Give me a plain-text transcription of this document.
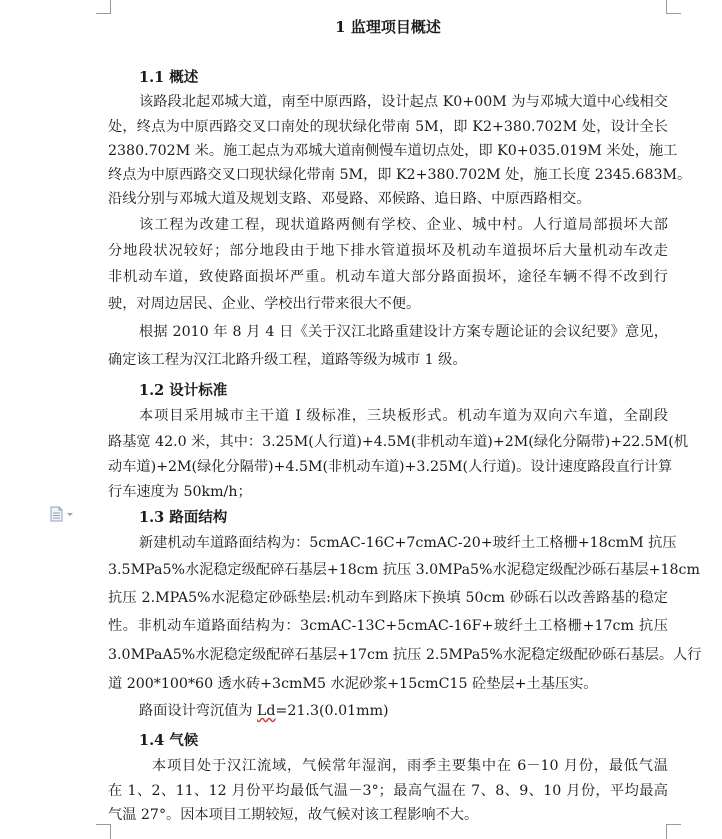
1 监理项目概述
1.1 概述
该路段北起邓城大道，南至中原西路，设计起点 K0+00M 为与邓城大道中心线相交
处，终点为中原西路交叉口南处的现状绿化带南 5M，即 K2+380.702M 处，设计全长
2380.702M 米。施工起点为邓城大道南侧慢车道切点处，即 K0+035.019M 米处，施工
终点为中原西路交叉口现状绿化带南 5M，即 K2+380.702M 处，施工长度 2345.683M。
沿线分别与邓城大道及规划支路、邓曼路、邓候路、追日路、中原西路相交。
该工程为改建工程，现状道路两侧有学校、企业、城中村。人行道局部损坏大部
分地段状况较好；部分地段由于地下排水管道损坏及机动车道损坏后大量机动车改走
非机动车道，致使路面损坏严重。机动车道大部分路面损坏，途径车辆不得不改到行
驶，对周边居民、企业、学校出行带来很大不便。
根据 2010 年 8 月 4 日《关于汉江北路重建设计方案专题论证的会议纪要》意见，
确定该工程为汉江北路升级工程，道路等级为城市 1 级。
1.2 设计标准
本项目采用城市主干道 I 级标准，三块板形式。机动车道为双向六车道，全副段
路基宽 42.0 米，其中：3.25M(人行道)+4.5M(非机动车道)+2M(绿化分隔带)+22.5M(机
动车道)+2M(绿化分隔带)+4.5M(非机动车道)+3.25M(人行道)。设计速度路段直行计算
行车速度为 50km/h；
1.3 路面结构
新建机动车道路面结构为：5cmAC-16C+7cmAC-20+玻纤土工格栅+18cmM 抗压
3.5MPa5%水泥稳定级配碎石基层+18cm 抗压 3.0MPa5%水泥稳定级配沙砾石基层+18cm
抗压 2.MPA5%水泥稳定砂砾垫层:机动车到路床下换填 50cm 砂砾石以改善路基的稳定
性。非机动车道路面结构为：3cmAC-13C+5cmAC-16F+玻纤土工格栅+17cm 抗压
3.0MPaA5%水泥稳定级配碎石基层+17cm 抗压 2.5MPa5%水泥稳定级配砂砾石基层。人行
道 200*100*60 透水砖+3cmM5 水泥砂浆+15cmC15 砼垫层+土基压实。
路面设计弯沉值为 Ld=21.3(0.01mm)
1.4 气候
本项目处于汉江流域，气候常年湿润，雨季主要集中在 6－10 月份，最低气温
在 1、2、11、12 月份平均最低气温－3°；最高气温在 7、8、9、10 月份，平均最高
气温 27°。因本项目工期较短，故气候对该工程影响不大。
